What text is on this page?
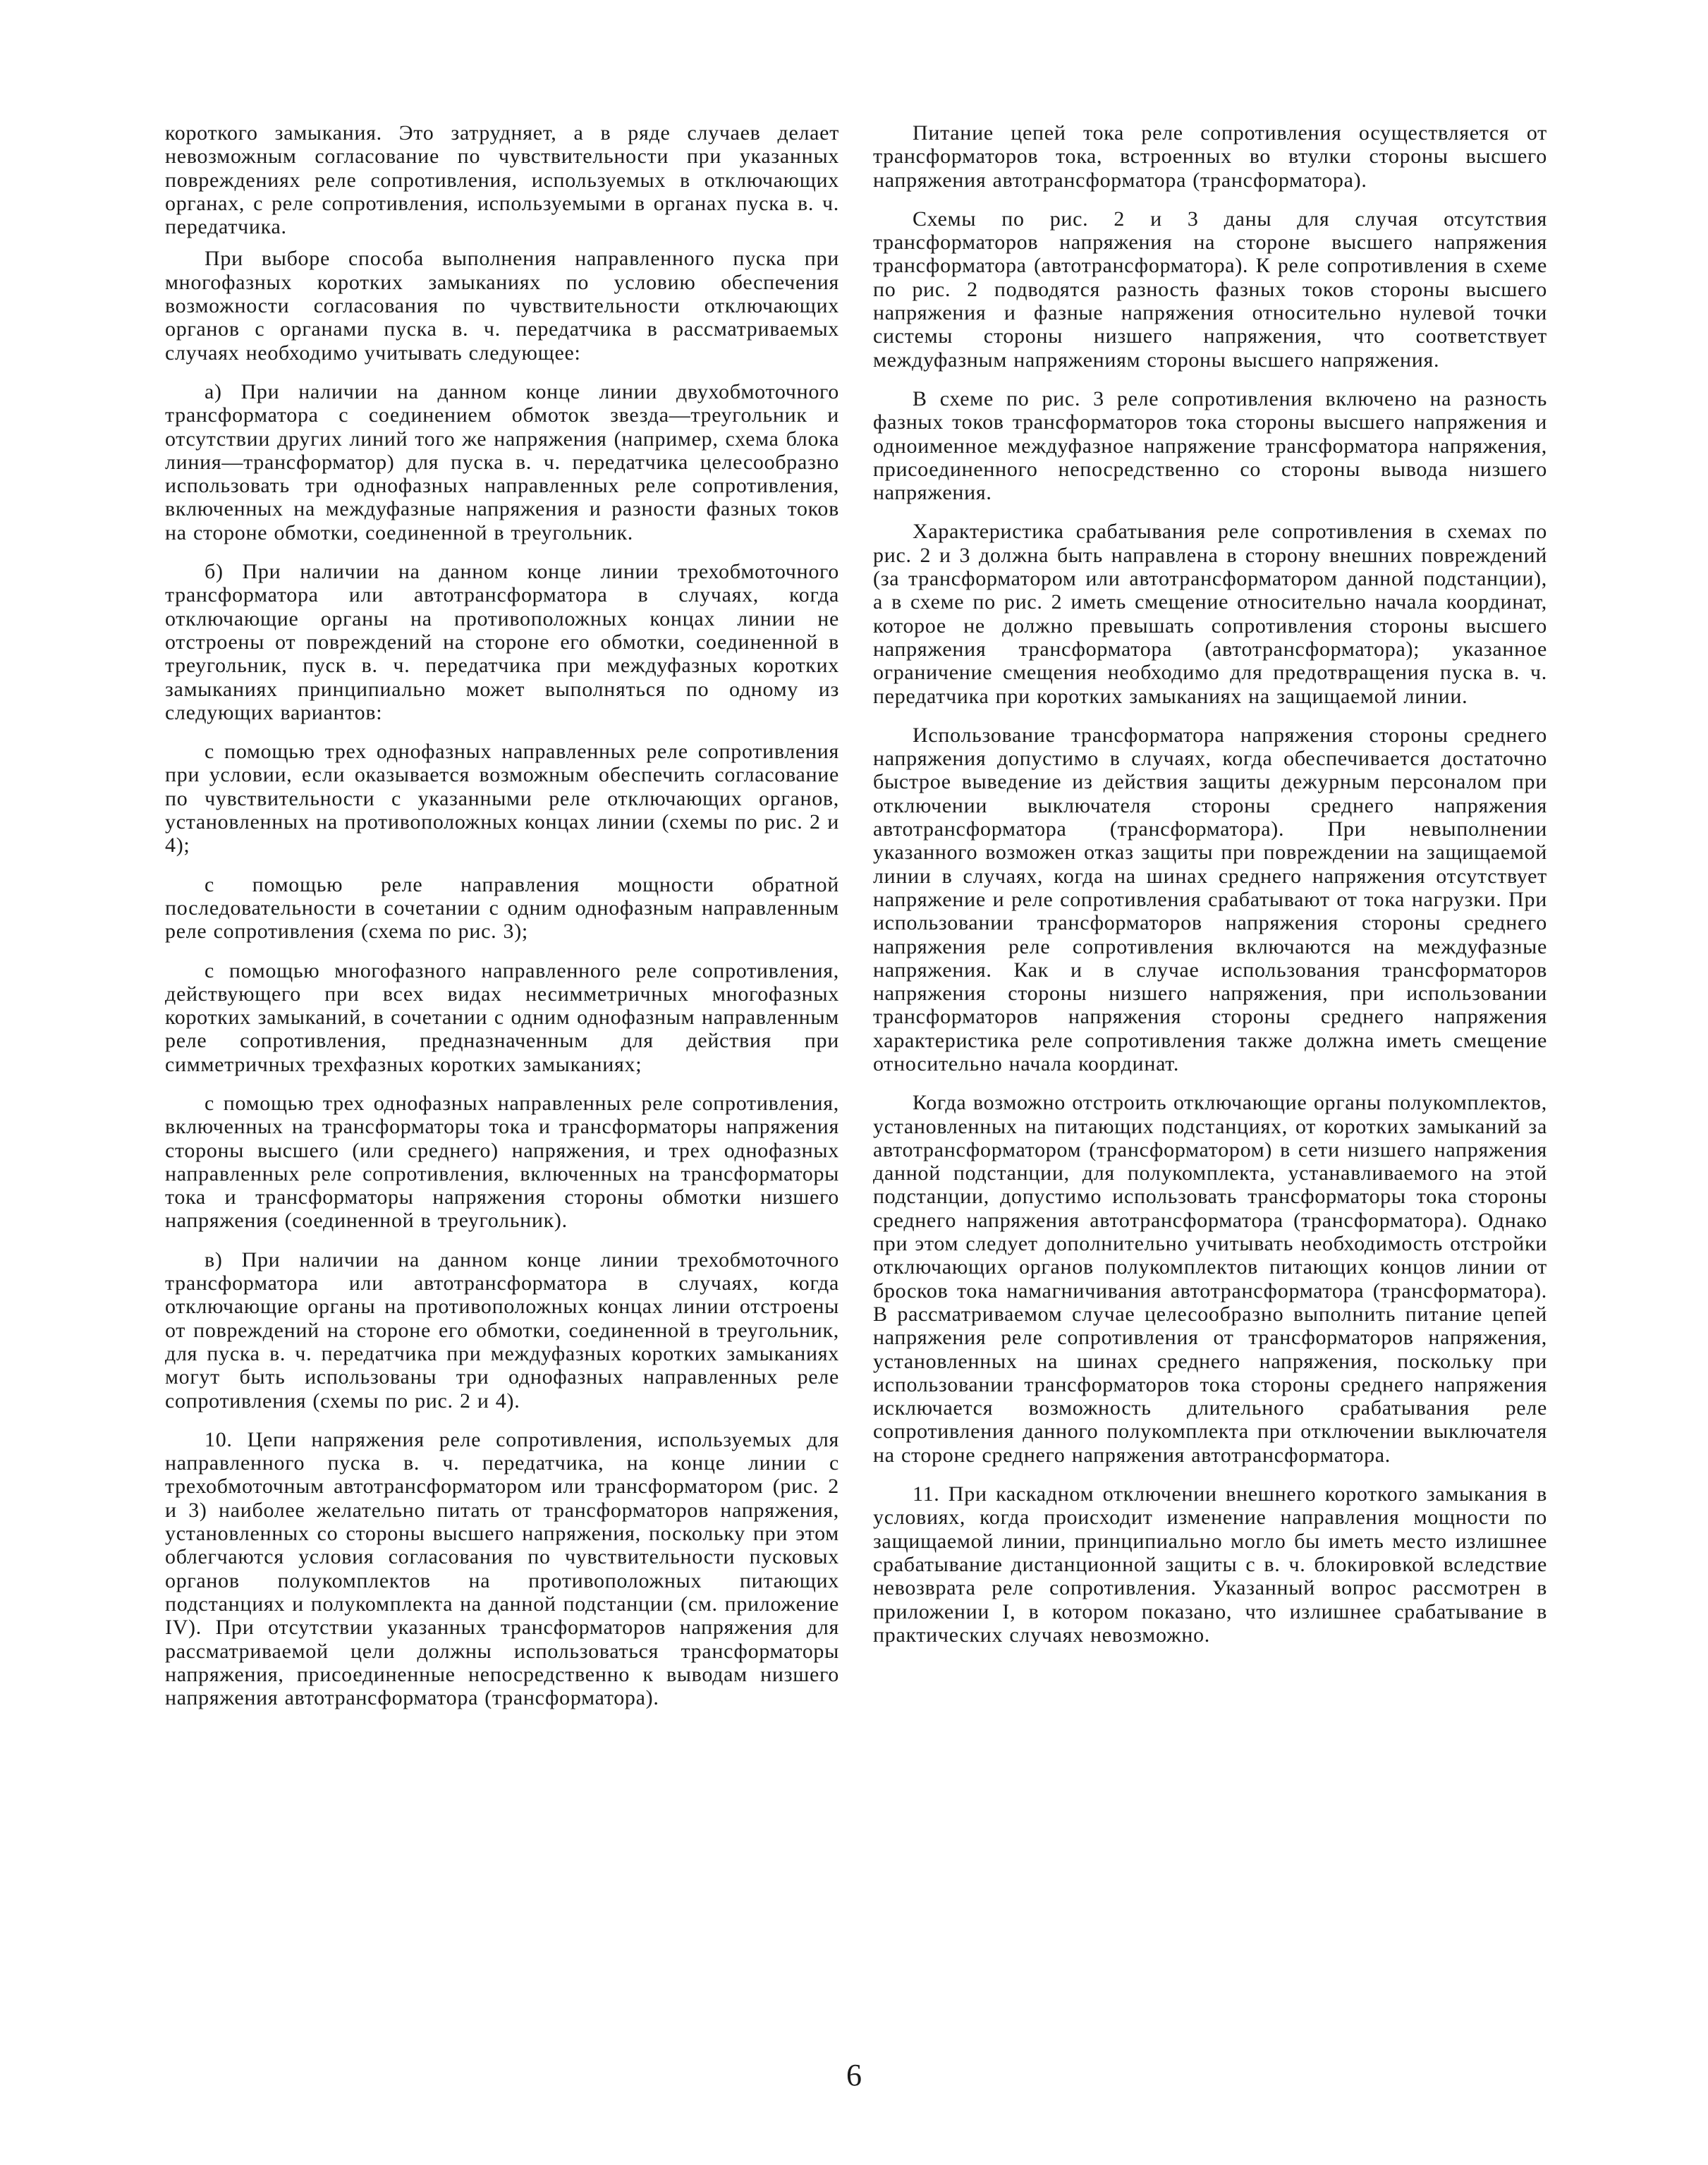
короткого замыкания. Это затрудняет, а в ряде случаев делает невозможным согласование по чувствительности при указанных повреждениях реле сопротивления, используемых в отключающих органах, с реле сопротивления, используемыми в органах пуска в. ч. передатчика.

При выборе способа выполнения направленного пуска при многофазных коротких замыканиях по условию обеспечения возможности согласования по чувствительности отключающих органов с органами пуска в. ч. передатчика в рассматриваемых случаях необходимо учитывать следующее:

а) При наличии на данном конце линии двухобмоточного трансформатора с соединением обмоток звезда—треугольник и отсутствии других линий того же напряжения (например, схема блока линия—трансформатор) для пуска в. ч. передатчика целесообразно использовать три однофазных направленных реле сопротивления, включенных на междуфазные напряжения и разности фазных токов на стороне обмотки, соединенной в треугольник.

б) При наличии на данном конце линии трехобмоточного трансформатора или автотрансформатора в случаях, когда отключающие органы на противоположных концах линии не отстроены от повреждений на стороне его обмотки, соединенной в треугольник, пуск в. ч. передатчика при междуфазных коротких замыканиях принципиально может выполняться по одному из следующих вариантов:

с помощью трех однофазных направленных реле сопротивления при условии, если оказывается возможным обеспечить согласование по чувствительности с указанными реле отключающих органов, установленных на противоположных концах линии (схемы по рис. 2 и 4);

с помощью реле направления мощности обратной последовательности в сочетании с одним однофазным направленным реле сопротивления (схема по рис. 3);

с помощью многофазного направленного реле сопротивления, действующего при всех видах несимметричных многофазных коротких замыканий, в сочетании с одним однофазным направленным реле сопротивления, предназначенным для действия при симметричных трехфазных коротких замыканиях;

с помощью трех однофазных направленных реле сопротивления, включенных на трансформаторы тока и трансформаторы напряжения стороны высшего (или среднего) напряжения, и трех однофазных направленных реле сопротивления, включенных на трансформаторы тока и трансформаторы напряжения стороны обмотки низшего напряжения (соединенной в треугольник).

в) При наличии на данном конце линии трехобмоточного трансформатора или автотрансформатора в случаях, когда отключающие органы на противоположных концах линии отстроены от повреждений на стороне его обмотки, соединенной в треугольник, для пуска в. ч. передатчика при междуфазных коротких замыканиях могут быть использованы три однофазных направленных реле сопротивления (схемы по рис. 2 и 4).

10. Цепи напряжения реле сопротивления, используемых для направленного пуска в. ч. передатчика, на конце линии с трехобмоточным автотрансформатором или трансформатором (рис. 2 и 3) наиболее желательно питать от трансформаторов напряжения, установленных со стороны высшего напряжения, поскольку при этом облегчаются условия согласования по чувствительности пусковых органов полукомплектов на противоположных питающих подстанциях и полукомплекта на данной подстанции (см. приложение IV). При отсутствии указанных трансформаторов напряжения для рассматриваемой цели должны использоваться трансформаторы напряжения, присоединенные непосредственно к выводам низшего напряжения автотрансформатора (трансформатора).

Питание цепей тока реле сопротивления осуществляется от трансформаторов тока, встроенных во втулки стороны высшего напряжения автотрансформатора (трансформатора).

Схемы по рис. 2 и 3 даны для случая отсутствия трансформаторов напряжения на стороне высшего напряжения трансформатора (автотрансформатора). К реле сопротивления в схеме по рис. 2 подводятся разность фазных токов стороны высшего напряжения и фазные напряжения относительно нулевой точки системы стороны низшего напряжения, что соответствует междуфазным напряжениям стороны высшего напряжения.

В схеме по рис. 3 реле сопротивления включено на разность фазных токов трансформаторов тока стороны высшего напряжения и одноименное междуфазное напряжение трансформатора напряжения, присоединенного непосредственно со стороны вывода низшего напряжения.

Характеристика срабатывания реле сопротивления в схемах по рис. 2 и 3 должна быть направлена в сторону внешних повреждений (за трансформатором или автотрансформатором данной подстанции), а в схеме по рис. 2 иметь смещение относительно начала координат, которое не должно превышать сопротивления стороны высшего напряжения трансформатора (автотрансформатора); указанное ограничение смещения необходимо для предотвращения пуска в. ч. передатчика при коротких замыканиях на защищаемой линии.

Использование трансформатора напряжения стороны среднего напряжения допустимо в случаях, когда обеспечивается достаточно быстрое выведение из действия защиты дежурным персоналом при отключении выключателя стороны среднего напряжения автотрансформатора (трансформатора). При невыполнении указанного возможен отказ защиты при повреждении на защищаемой линии в случаях, когда на шинах среднего напряжения отсутствует напряжение и реле сопротивления срабатывают от тока нагрузки. При использовании трансформаторов напряжения стороны среднего напряжения реле сопротивления включаются на междуфазные напряжения. Как и в случае использования трансформаторов напряжения стороны низшего напряжения, при использовании трансформаторов напряжения стороны среднего напряжения характеристика реле сопротивления также должна иметь смещение относительно начала координат.

Когда возможно отстроить отключающие органы полукомплектов, установленных на питающих подстанциях, от коротких замыканий за автотрансформатором (трансформатором) в сети низшего напряжения данной подстанции, для полукомплекта, устанавливаемого на этой подстанции, допустимо использовать трансформаторы тока стороны среднего напряжения автотрансформатора (трансформатора). Однако при этом следует дополнительно учитывать необходимость отстройки отключающих органов полукомплектов питающих концов линии от бросков тока намагничивания автотрансформатора (трансформатора). В рассматриваемом случае целесообразно выполнить питание цепей напряжения реле сопротивления от трансформаторов напряжения, установленных на шинах среднего напряжения, поскольку при использовании трансформаторов тока стороны среднего напряжения исключается возможность длительного срабатывания реле сопротивления данного полукомплекта при отключении выключателя на стороне среднего напряжения автотрансформатора.

11. При каскадном отключении внешнего короткого замыкания в условиях, когда происходит изменение направления мощности по защищаемой линии, принципиально могло бы иметь место излишнее срабатывание дистанционной защиты с в. ч. блокировкой вследствие невозврата реле сопротивления. Указанный вопрос рассмотрен в приложении I, в котором показано, что излишнее срабатывание в практических случаях невозможно.

6
